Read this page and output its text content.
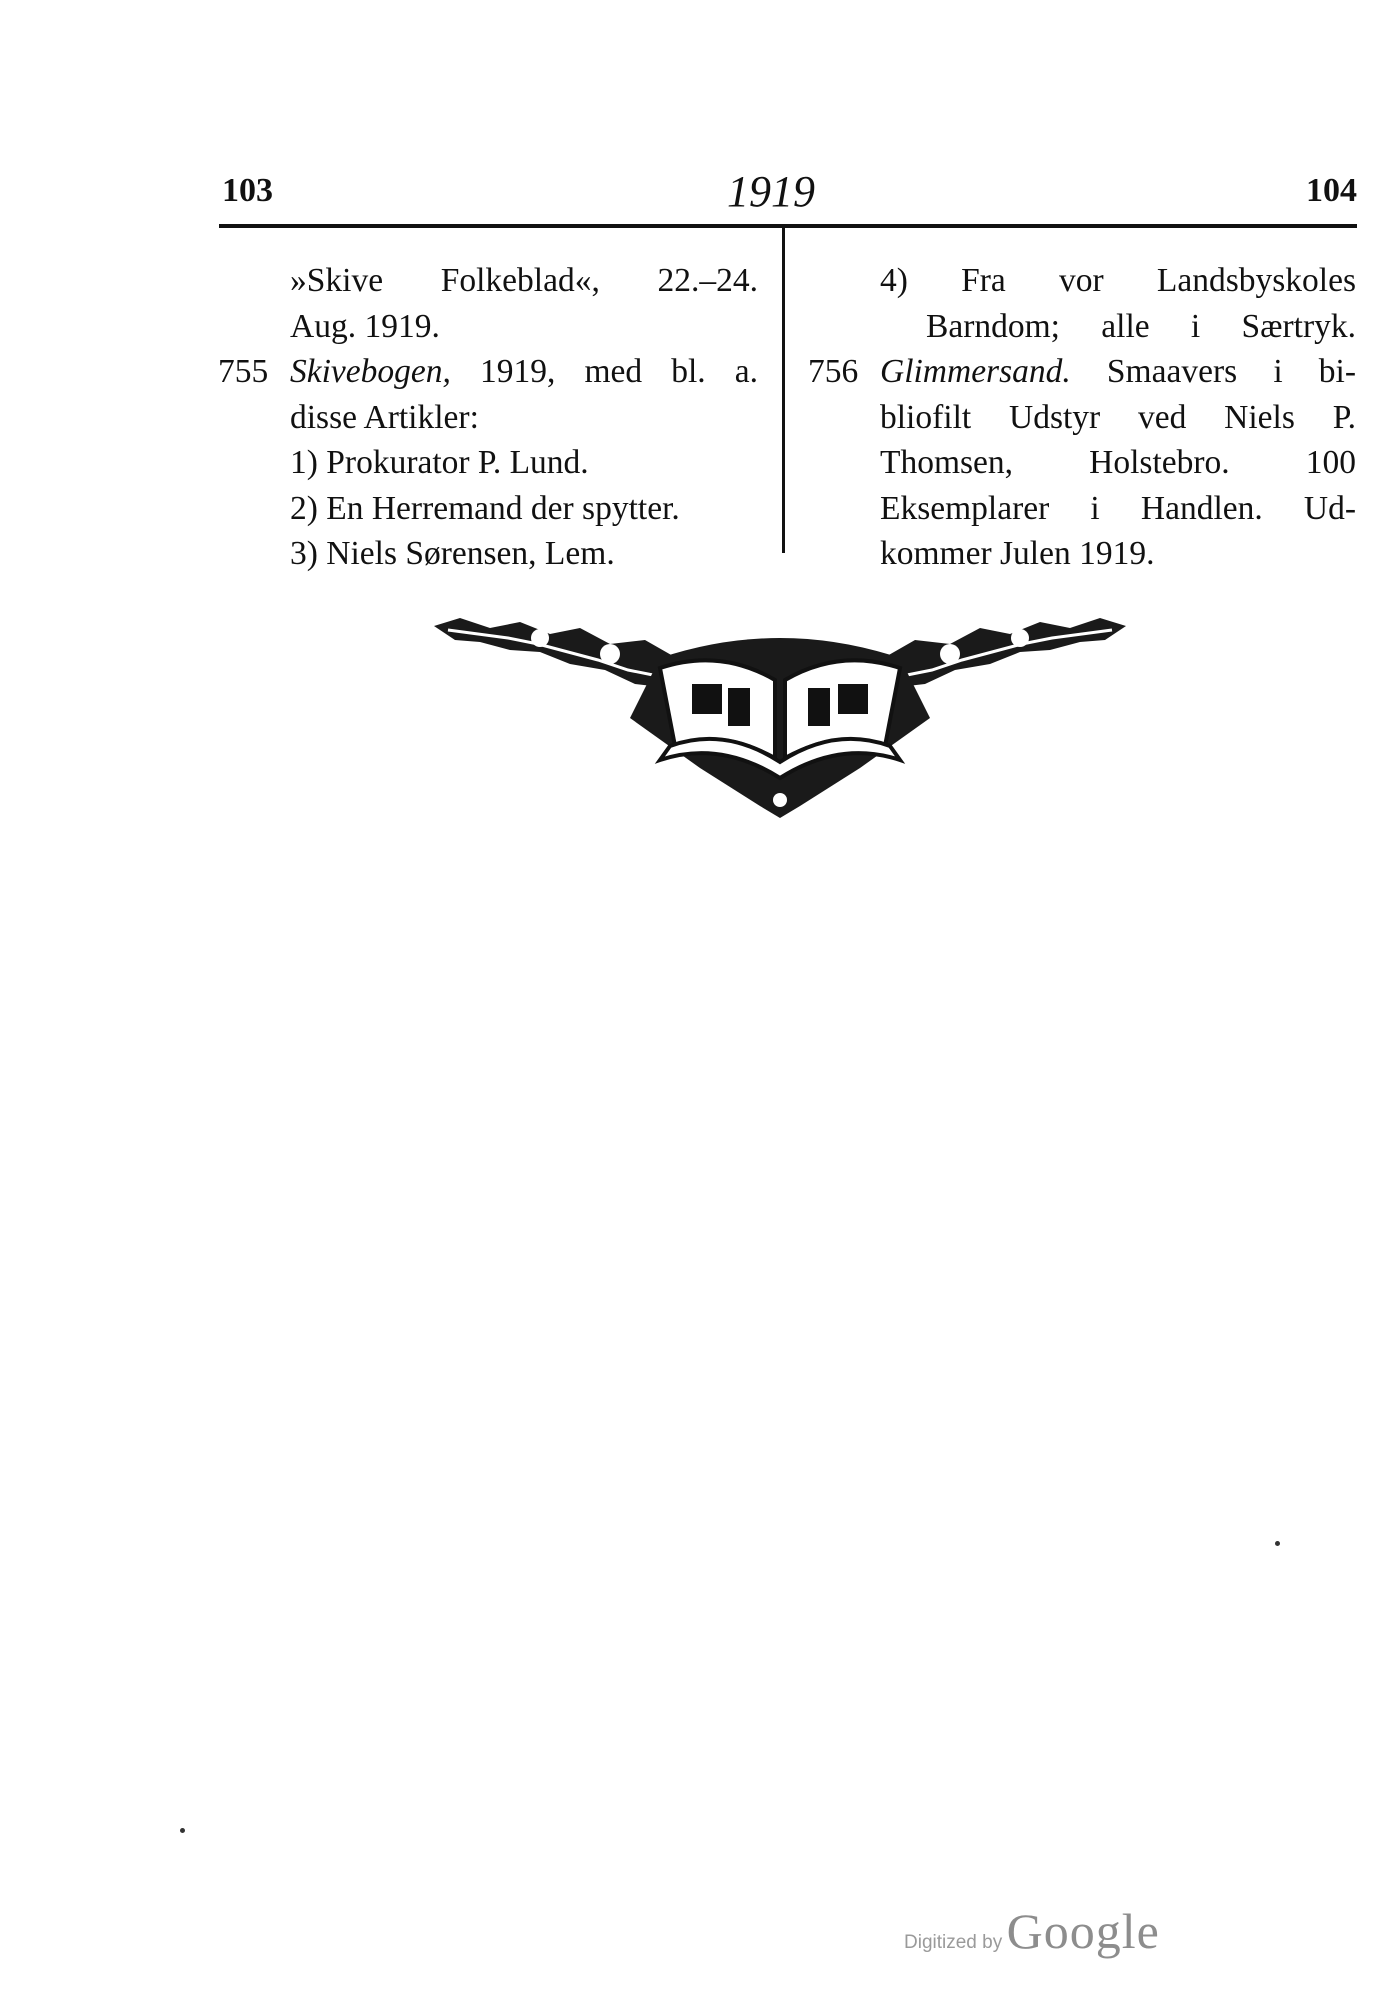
103	1919	104
»Skive Folkeblad«, 22.–24.
Aug. 1919.
755 Skivebogen, 1919, med bl. a.
disse Artikler:
1) Prokurator P. Lund.
2) En Herremand der spytter.
3) Niels Sørensen, Lem.
4) Fra vor Landsbyskoles
Barndom; alle i Særtryk.
756 Glimmersand. Smaavers i bi-
bliofilt Udstyr ved Niels P.
Thomsen, Holstebro. 100
Eksemplarer i Handlen. Ud-
kommer Julen 1919.
Digitized by Google
